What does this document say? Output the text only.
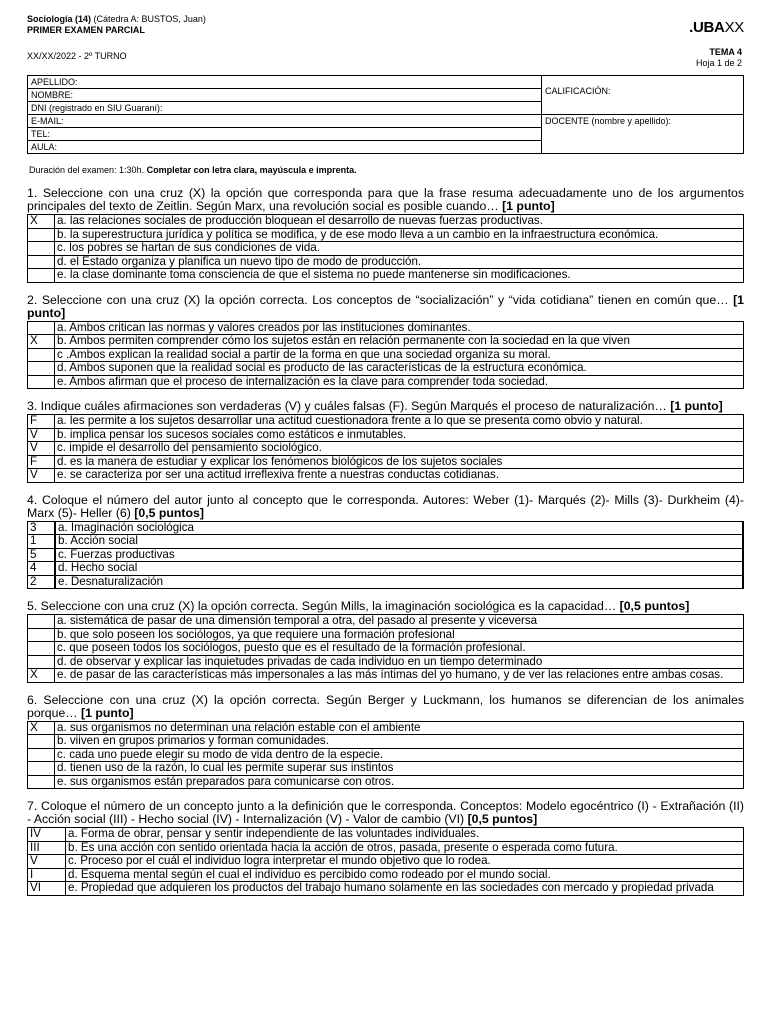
Sociología (14) (Cátedra A: BUSTOS, Juan)
PRIMER EXAMEN PARCIAL
XX/XX/2022 - 2º TURNO
.UBAXX
TEMA 4
Hoja 1 de 2
APELLIDO:	CALIFICACIÓN:

NOMBRE:	
DNI (registrado en SIU Guaraní):	
E-MAIL:	DOCENTE (nombre y apellido):
TEL:	
AULA:	
Duración del examen: 1:30h. Completar con letra clara, mayúscula e imprenta.

1. Seleccione con una cruz (X) la opción que corresponda para que la frase resuma adecuadamente uno de los argumentos principales del texto de Zeitlin. Según Marx, una revolución social es posible cuando… [1 punto]

X	a. las relaciones sociales de producción bloquean el desarrollo de nuevas fuerzas productivas.
	b. la superestructura jurídica y política se modifica, y de ese modo lleva a un cambio en la infraestructura económica.
	c. los pobres se hartan de sus condiciones de vida.
	d. el Estado organiza y planifica un nuevo tipo de modo de producción.
	e. la clase dominante toma consciencia de que el sistema no puede mantenerse sin modificaciones.

2. Seleccione con una cruz (X) la opción correcta. Los conceptos de “socialización” y “vida cotidiana” tienen en común que… [1 punto]

	a. Ambos critican las normas y valores creados por las instituciones dominantes.
X	b. Ambos permiten comprender cómo los sujetos están en relación permanente con la sociedad en la que viven
	c .Ambos explican la realidad social a partir de la forma en que una sociedad organiza su moral.
	d. Ambos suponen que la realidad social es producto de las características de la estructura económica.
	e. Ambos afirman que el proceso de internalización es la clave para comprender toda sociedad.

3. Indique cuáles afirmaciones son verdaderas (V) y cuáles falsas (F). Según Marqués el proceso de naturalización… [1 punto]

F	a. les permite a los sujetos desarrollar una actitud cuestionadora frente a lo que se presenta como obvio y natural.
V	b. implica pensar los sucesos sociales como estáticos e inmutables.
V	c. impide el desarrollo del pensamiento sociológico.
F	d. es la manera de estudiar y explicar los fenómenos biológicos de los sujetos sociales
V	e. se caracteriza por ser una actitud irreflexiva frente a nuestras conductas cotidianas.

4. Coloque el número del autor junto al concepto que le corresponda. Autores: Weber (1)- Marqués (2)- Mills (3)- Durkheim (4)- Marx (5)- Heller (6) [0,5 puntos]

3	a. Imaginación sociológica
1	b. Acción social
5	c. Fuerzas productivas
4	d. Hecho social
2	e. Desnaturalización

5. Seleccione con una cruz (X) la opción correcta. Según Mills, la imaginación sociológica es la capacidad… [0,5 puntos]

	a. sistemática de pasar de una dimensión temporal a otra, del pasado al presente y viceversa
	b. que solo poseen los sociólogos, ya que requiere una formación profesional
	c. que poseen todos los sociólogos, puesto que es el resultado de la formación profesional.
	d. de observar y explicar las inquietudes privadas de cada individuo en un tiempo determinado
X	e. de pasar de las características más impersonales a las más íntimas del yo humano, y de ver las relaciones entre ambas cosas.

6. Seleccione con una cruz (X) la opción correcta. Según Berger y Luckmann, los humanos se diferencian de los animales porque… [1 punto]

X	a. sus organismos no determinan una relación estable con el ambiente
	b. viiven en grupos primarios y forman comunidades.
	c. cada uno puede elegir su modo de vida dentro de la especie.
	d. tienen uso de la razón, lo cual les permite superar sus instintos
	e. sus organismos están preparados para comunicarse con otros.

7. Coloque el número de un concepto junto a la definición que le corresponda. Conceptos: Modelo egocéntrico (I) - Extrañación (II) - Acción social (III) - Hecho social (IV) - Internalización (V) - Valor de cambio (VI) [0,5 puntos]

IV	a. Forma de obrar, pensar y sentir independiente de las voluntades individuales.
III	b. Es una acción con sentido orientada hacia la acción de otros, pasada, presente o esperada como futura.
V	c. Proceso por el cuál el individuo logra interpretar el mundo objetivo que lo rodea.
I	d. Esquema mental según el cual el individuo es percibido como rodeado por el mundo social.
VI	e. Propiedad que adquieren los productos del trabajo humano solamente en las sociedades con mercado y propiedad privada
